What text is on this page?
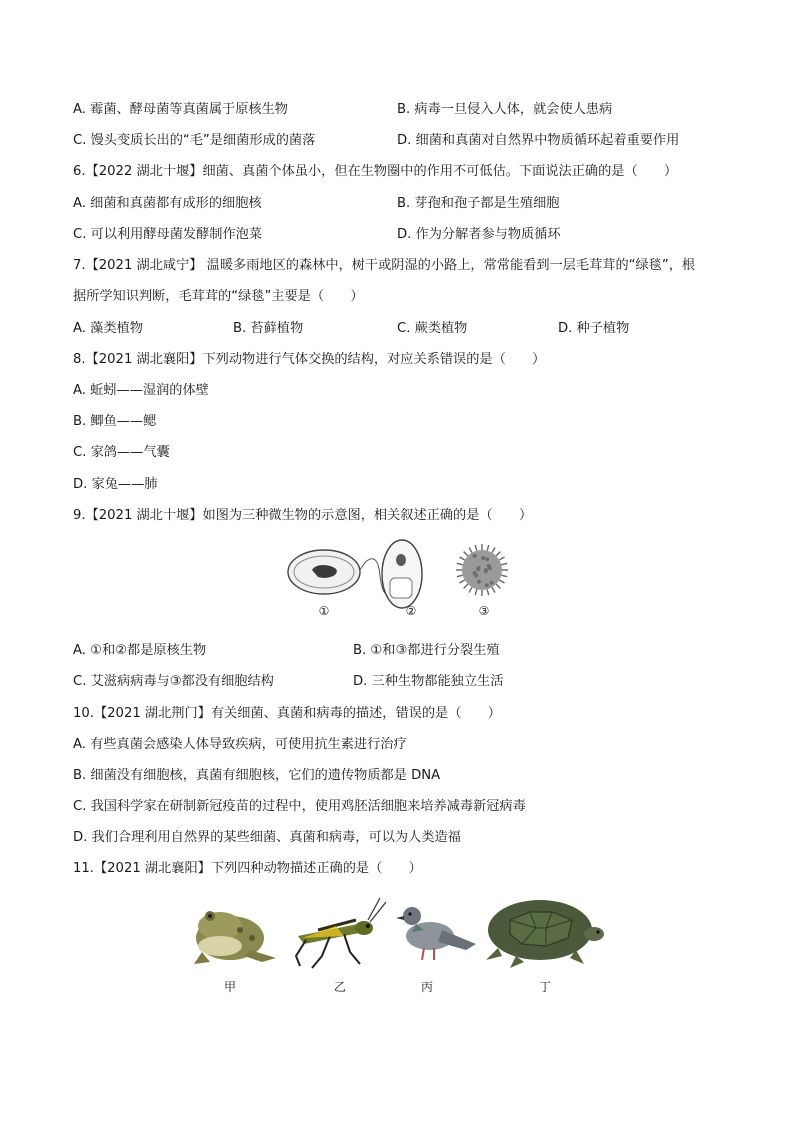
A. 霉菌、酵母菌等真菌属于原核生物	B. 病毒一旦侵入人体，就会使人患病
C. 馒头变质长出的“毛”是细菌形成的菌落	D. 细菌和真菌对自然界中物质循环起着重要作用
6.【2022 湖北十堰】细菌、真菌个体虽小，但在生物圈中的作用不可低估。下面说法正确的是（　　）
A. 细菌和真菌都有成形的细胞核	B. 芽孢和孢子都是生殖细胞
C. 可以利用酵母菌发酵制作泡菜	D. 作为分解者参与物质循环
7.【2021 湖北咸宁】 温暖多雨地区的森林中，树干或阴湿的小路上，常常能看到一层毛茸茸的“绿毯”，根
据所学知识判断，毛茸茸的“绿毯”主要是（　　）
A. 藻类植物	B. 苔藓植物	C. 蕨类植物	D. 种子植物
8.【2021 湖北襄阳】下列动物进行气体交换的结构，对应关系错误的是（　　）
A. 蚯蚓——湿润的体壁
B. 鲫鱼——鳃
C. 家鸽——气囊
D. 家兔——肺
9.【2021 湖北十堰】如图为三种微生物的示意图，相关叙述正确的是（　　）
①	②	③
A. ①和②都是原核生物	B. ①和③都进行分裂生殖
C. 艾滋病病毒与③都没有细胞结构	D. 三种生物都能独立生活
10.【2021 湖北荆门】有关细菌、真菌和病毒的描述，错误的是（　　）
A. 有些真菌会感染人体导致疾病，可使用抗生素进行治疗
B. 细菌没有细胞核，真菌有细胞核，它们的遗传物质都是 DNA
C. 我国科学家在研制新冠疫苗的过程中，使用鸡胚活细胞来培养减毒新冠病毒
D. 我们合理利用自然界的某些细菌、真菌和病毒，可以为人类造福
11.【2021 湖北襄阳】下列四种动物描述正确的是（　　）
甲	乙	丙	丁
